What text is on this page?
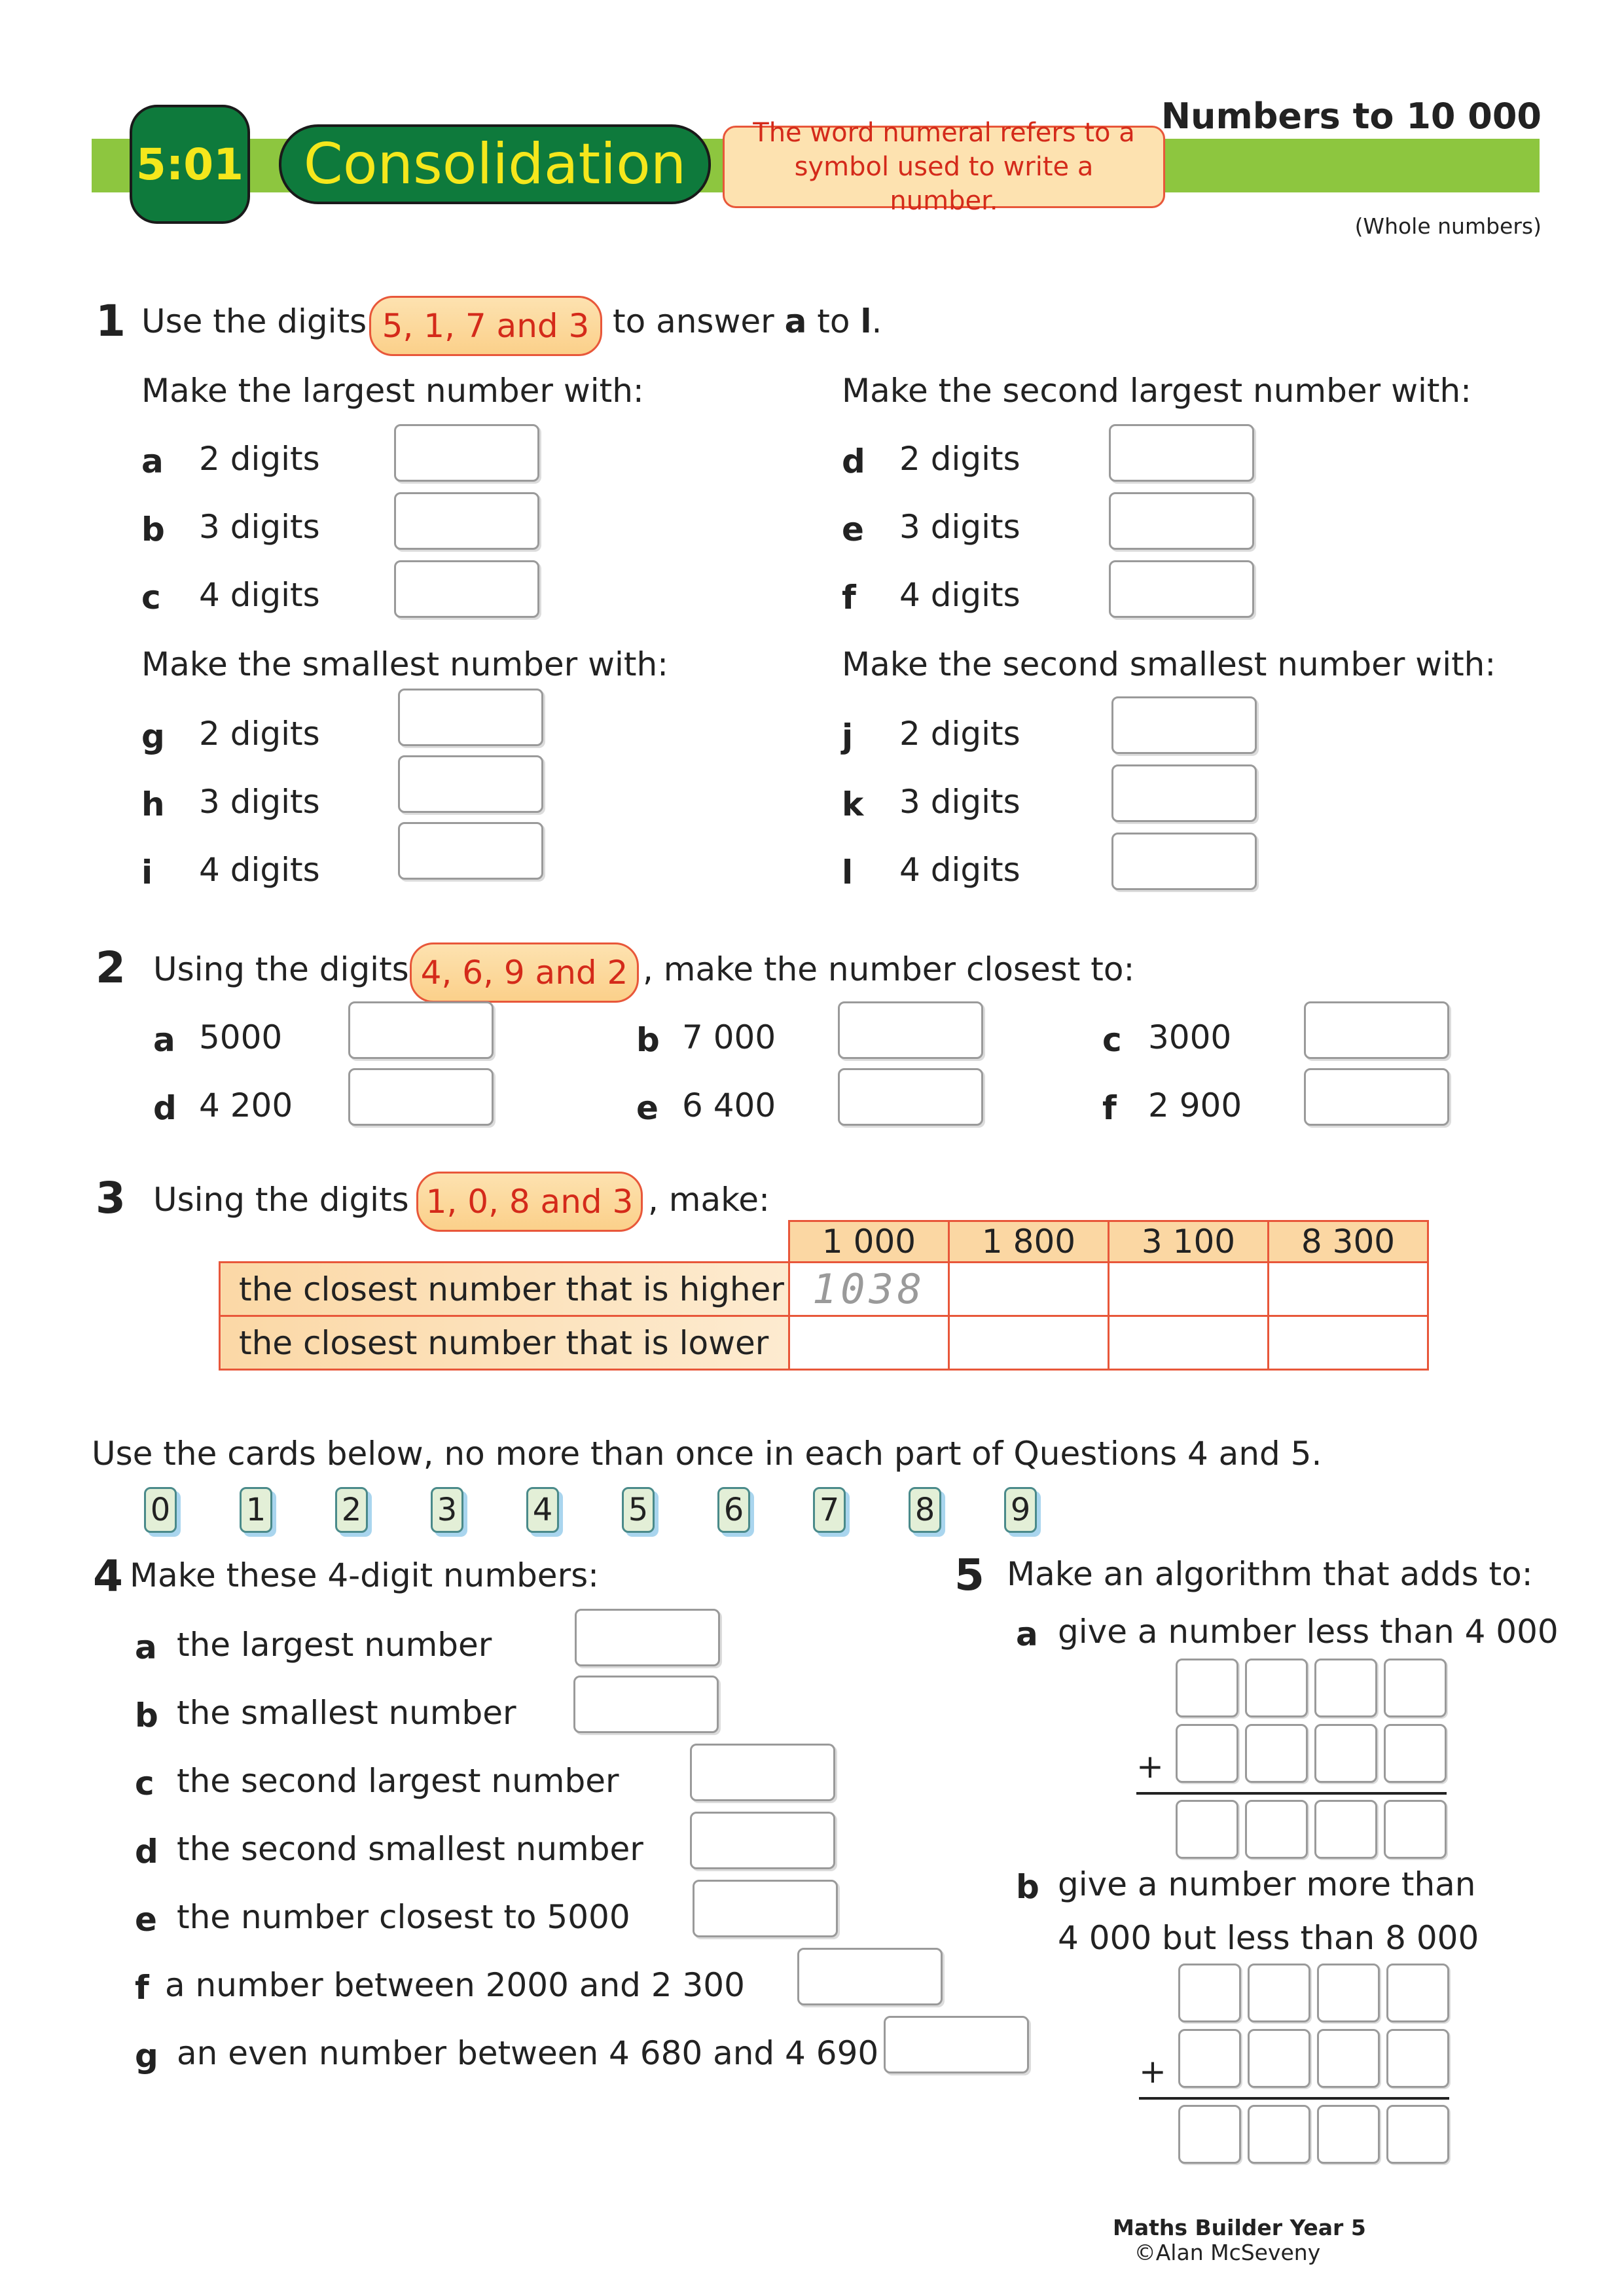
5:01 Consolidation	The word numeral refers to a symbol used to write a number.
Numbers to 10 000
(Whole numbers)
1 Use the digits 5, 1, 7 and 3 to answer a to l.
Make the largest number with:	Make the second largest number with:
Make the smallest number with:	Make the second smallest number with:
a 2 digits
b 3 digits
c 4 digits
d 2 digits
e 3 digits
f 4 digits
g 2 digits
h 3 digits
i 4 digits
j 2 digits
k 3 digits
l 4 digits
2 Using the digits 4, 6, 9 and 2 , make the number closest to:
a 5000	b 7 000	c 3000
d 4 200	e 6 400	f 2 900
3 Using the digits 1, 0, 8 and 3 , make:
	1 000	1 800	3 100	8 300
the closest number that is higher	1038			
the closest number that is lower				
Use the cards below, no more than once in each part of Questions 4 and 5.
0 1 2 3 4 5 6 7 8 9
4 Make these 4-digit numbers:
a the largest number
b the smallest number
c the second largest number
d the second smallest number
e the number closest to 5000
f a number between 2000 and 2 300
g an even number between 4 680 and 4 690
5 Make an algorithm that adds to:
a give a number less than 4 000
+
b give a number more than
4 000 but less than 8 000
+
Maths Builder Year 5
©Alan McSeveny
